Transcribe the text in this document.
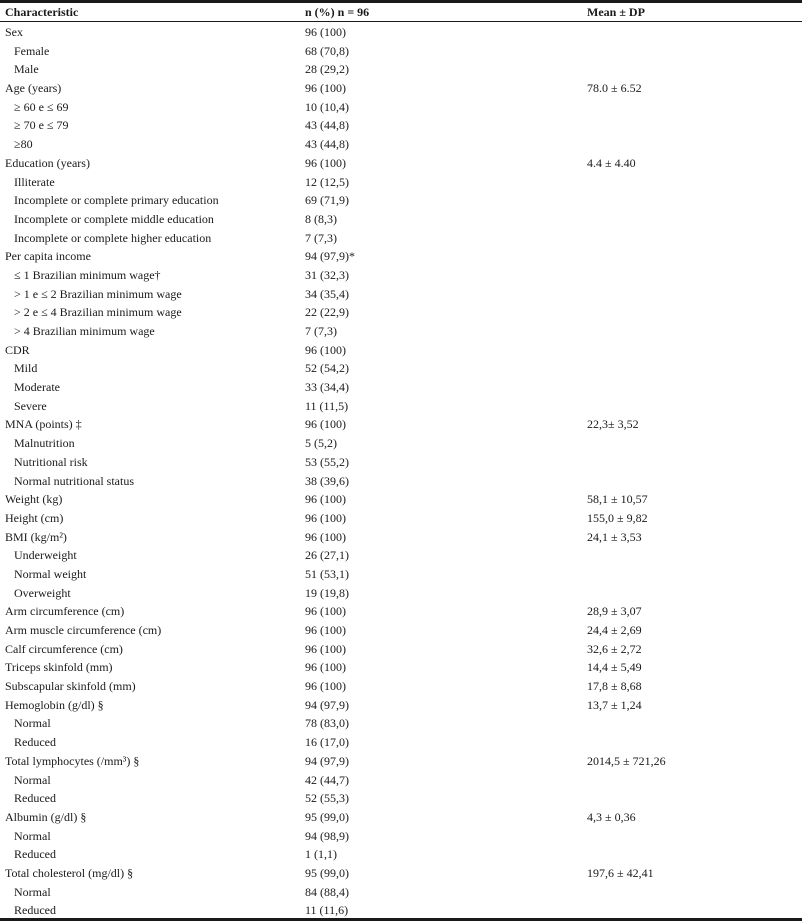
Characteristic	n (%) n = 96	Mean ± DP
Sex	96 (100)
Female	68 (70,8)
Male	28 (29,2)
Age (years)	96 (100)	78.0 ± 6.52
≥ 60 e ≤ 69	10 (10,4)
≥ 70 e ≤ 79	43 (44,8)
≥80	43 (44,8)
Education (years)	96 (100)	4.4 ± 4.40
Illiterate	12 (12,5)
Incomplete or complete primary education	69 (71,9)
Incomplete or complete middle education	8 (8,3)
Incomplete or complete higher education	7 (7,3)
Per capita income	94 (97,9)*
≤ 1 Brazilian minimum wage†	31 (32,3)
> 1 e ≤ 2 Brazilian minimum wage	34 (35,4)
> 2 e ≤ 4 Brazilian minimum wage	22 (22,9)
> 4 Brazilian minimum wage	7 (7,3)
CDR	96 (100)
Mild	52 (54,2)
Moderate	33 (34,4)
Severe	11 (11,5)
MNA (points) ‡	96 (100)	22,3± 3,52
Malnutrition	5 (5,2)
Nutritional risk	53 (55,2)
Normal nutritional status	38 (39,6)
Weight (kg)	96 (100)	58,1 ± 10,57
Height (cm)	96 (100)	155,0 ± 9,82
BMI (kg/m²)	96 (100)	24,1 ± 3,53
Underweight	26 (27,1)
Normal weight	51 (53,1)
Overweight	19 (19,8)
Arm circumference (cm)	96 (100)	28,9 ± 3,07
Arm muscle circumference (cm)	96 (100)	24,4 ± 2,69
Calf circumference (cm)	96 (100)	32,6 ± 2,72
Triceps skinfold (mm)	96 (100)	14,4 ± 5,49
Subscapular skinfold (mm)	96 (100)	17,8 ± 8,68
Hemoglobin (g/dl) §	94 (97,9)	13,7 ± 1,24
Normal	78 (83,0)
Reduced	16 (17,0)
Total lymphocytes (/mm³) §	94 (97,9)	2014,5 ± 721,26
Normal	42 (44,7)
Reduced	52 (55,3)
Albumin (g/dl) §	95 (99,0)	4,3 ± 0,36
Normal	94 (98,9)
Reduced	1 (1,1)
Total cholesterol (mg/dl) §	95 (99,0)	197,6 ± 42,41
Normal	84 (88,4)
Reduced	11 (11,6)
